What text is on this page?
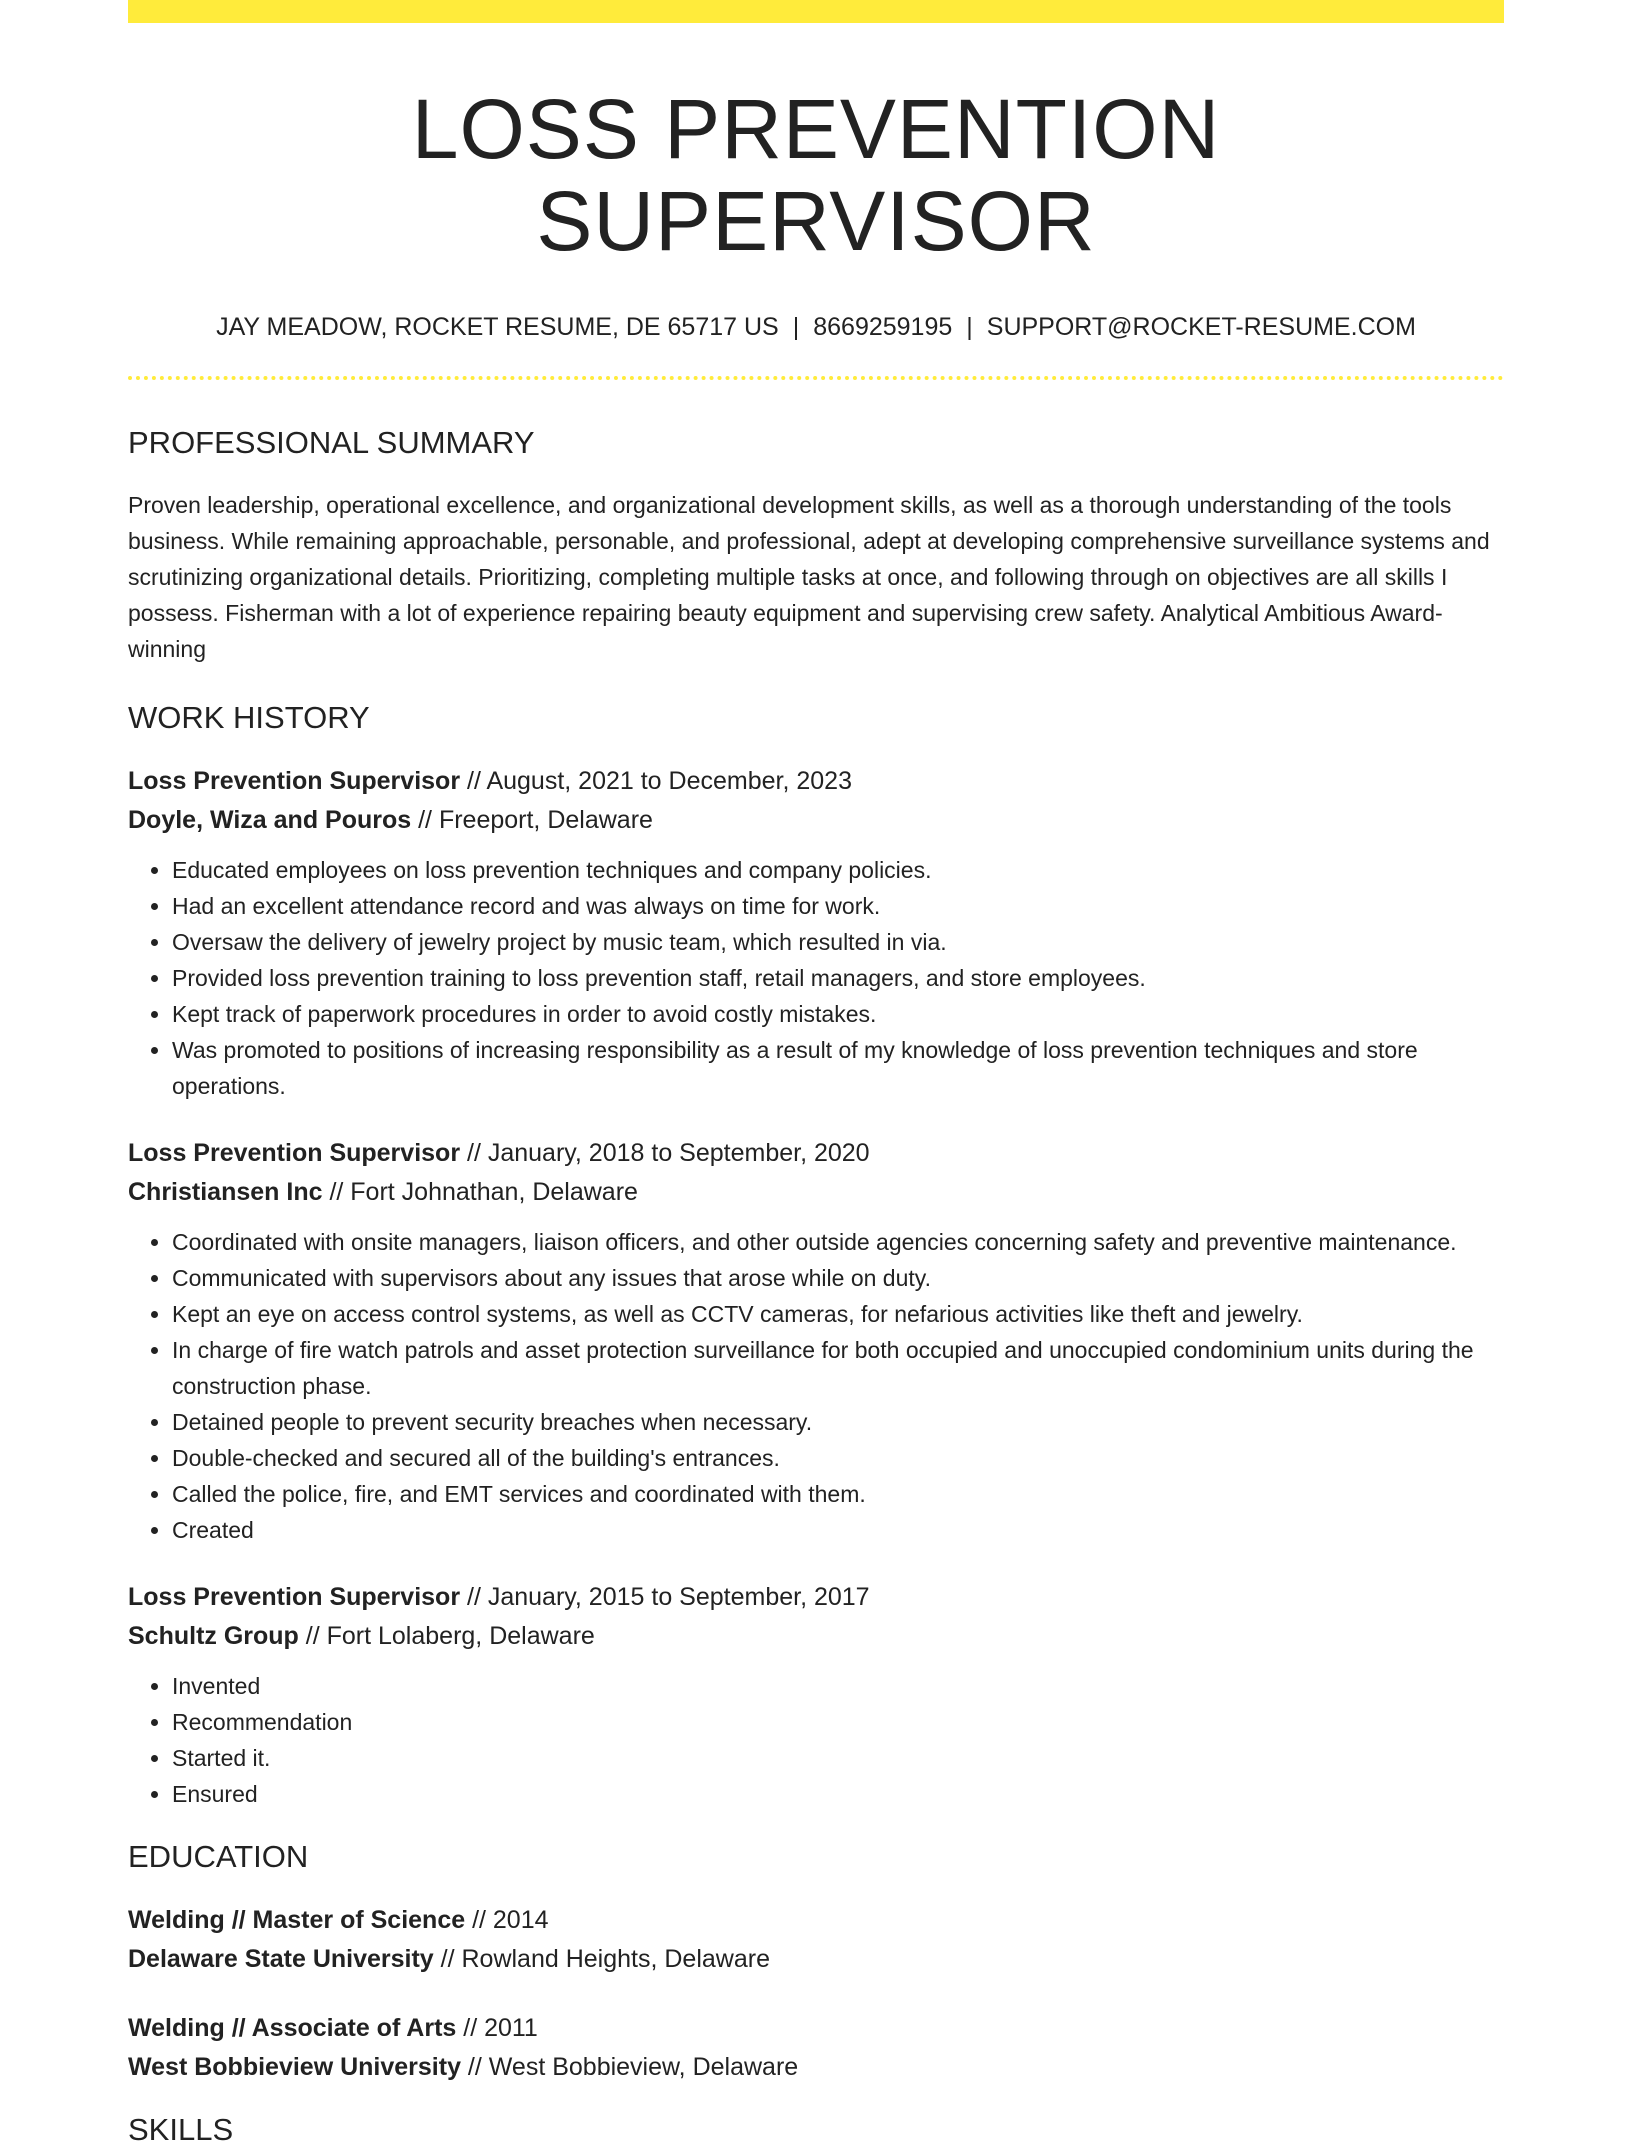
LOSS PREVENTION SUPERVISOR
JAY MEADOW, ROCKET RESUME, DE 65717 US | 8669259195 | SUPPORT@ROCKET-RESUME.COM
PROFESSIONAL SUMMARY
Proven leadership, operational excellence, and organizational development skills, as well as a thorough understanding of the tools business. While remaining approachable, personable, and professional, adept at developing comprehensive surveillance systems and scrutinizing organizational details. Prioritizing, completing multiple tasks at once, and following through on objectives are all skills I possess. Fisherman with a lot of experience repairing beauty equipment and supervising crew safety. Analytical Ambitious Award-winning
WORK HISTORY
Loss Prevention Supervisor // August, 2021 to December, 2023
Doyle, Wiza and Pouros // Freeport, Delaware
• Educated employees on loss prevention techniques and company policies.
• Had an excellent attendance record and was always on time for work.
• Oversaw the delivery of jewelry project by music team, which resulted in via.
• Provided loss prevention training to loss prevention staff, retail managers, and store employees.
• Kept track of paperwork procedures in order to avoid costly mistakes.
• Was promoted to positions of increasing responsibility as a result of my knowledge of loss prevention techniques and store operations.
Loss Prevention Supervisor // January, 2018 to September, 2020
Christiansen Inc // Fort Johnathan, Delaware
• Coordinated with onsite managers, liaison officers, and other outside agencies concerning safety and preventive maintenance.
• Communicated with supervisors about any issues that arose while on duty.
• Kept an eye on access control systems, as well as CCTV cameras, for nefarious activities like theft and jewelry.
• In charge of fire watch patrols and asset protection surveillance for both occupied and unoccupied condominium units during the construction phase.
• Detained people to prevent security breaches when necessary.
• Double-checked and secured all of the building's entrances.
• Called the police, fire, and EMT services and coordinated with them.
• Created
Loss Prevention Supervisor // January, 2015 to September, 2017
Schultz Group // Fort Lolaberg, Delaware
• Invented
• Recommendation
• Started it.
• Ensured
EDUCATION
Welding // Master of Science // 2014
Delaware State University // Rowland Heights, Delaware
Welding // Associate of Arts // 2011
West Bobbieview University // West Bobbieview, Delaware
SKILLS
